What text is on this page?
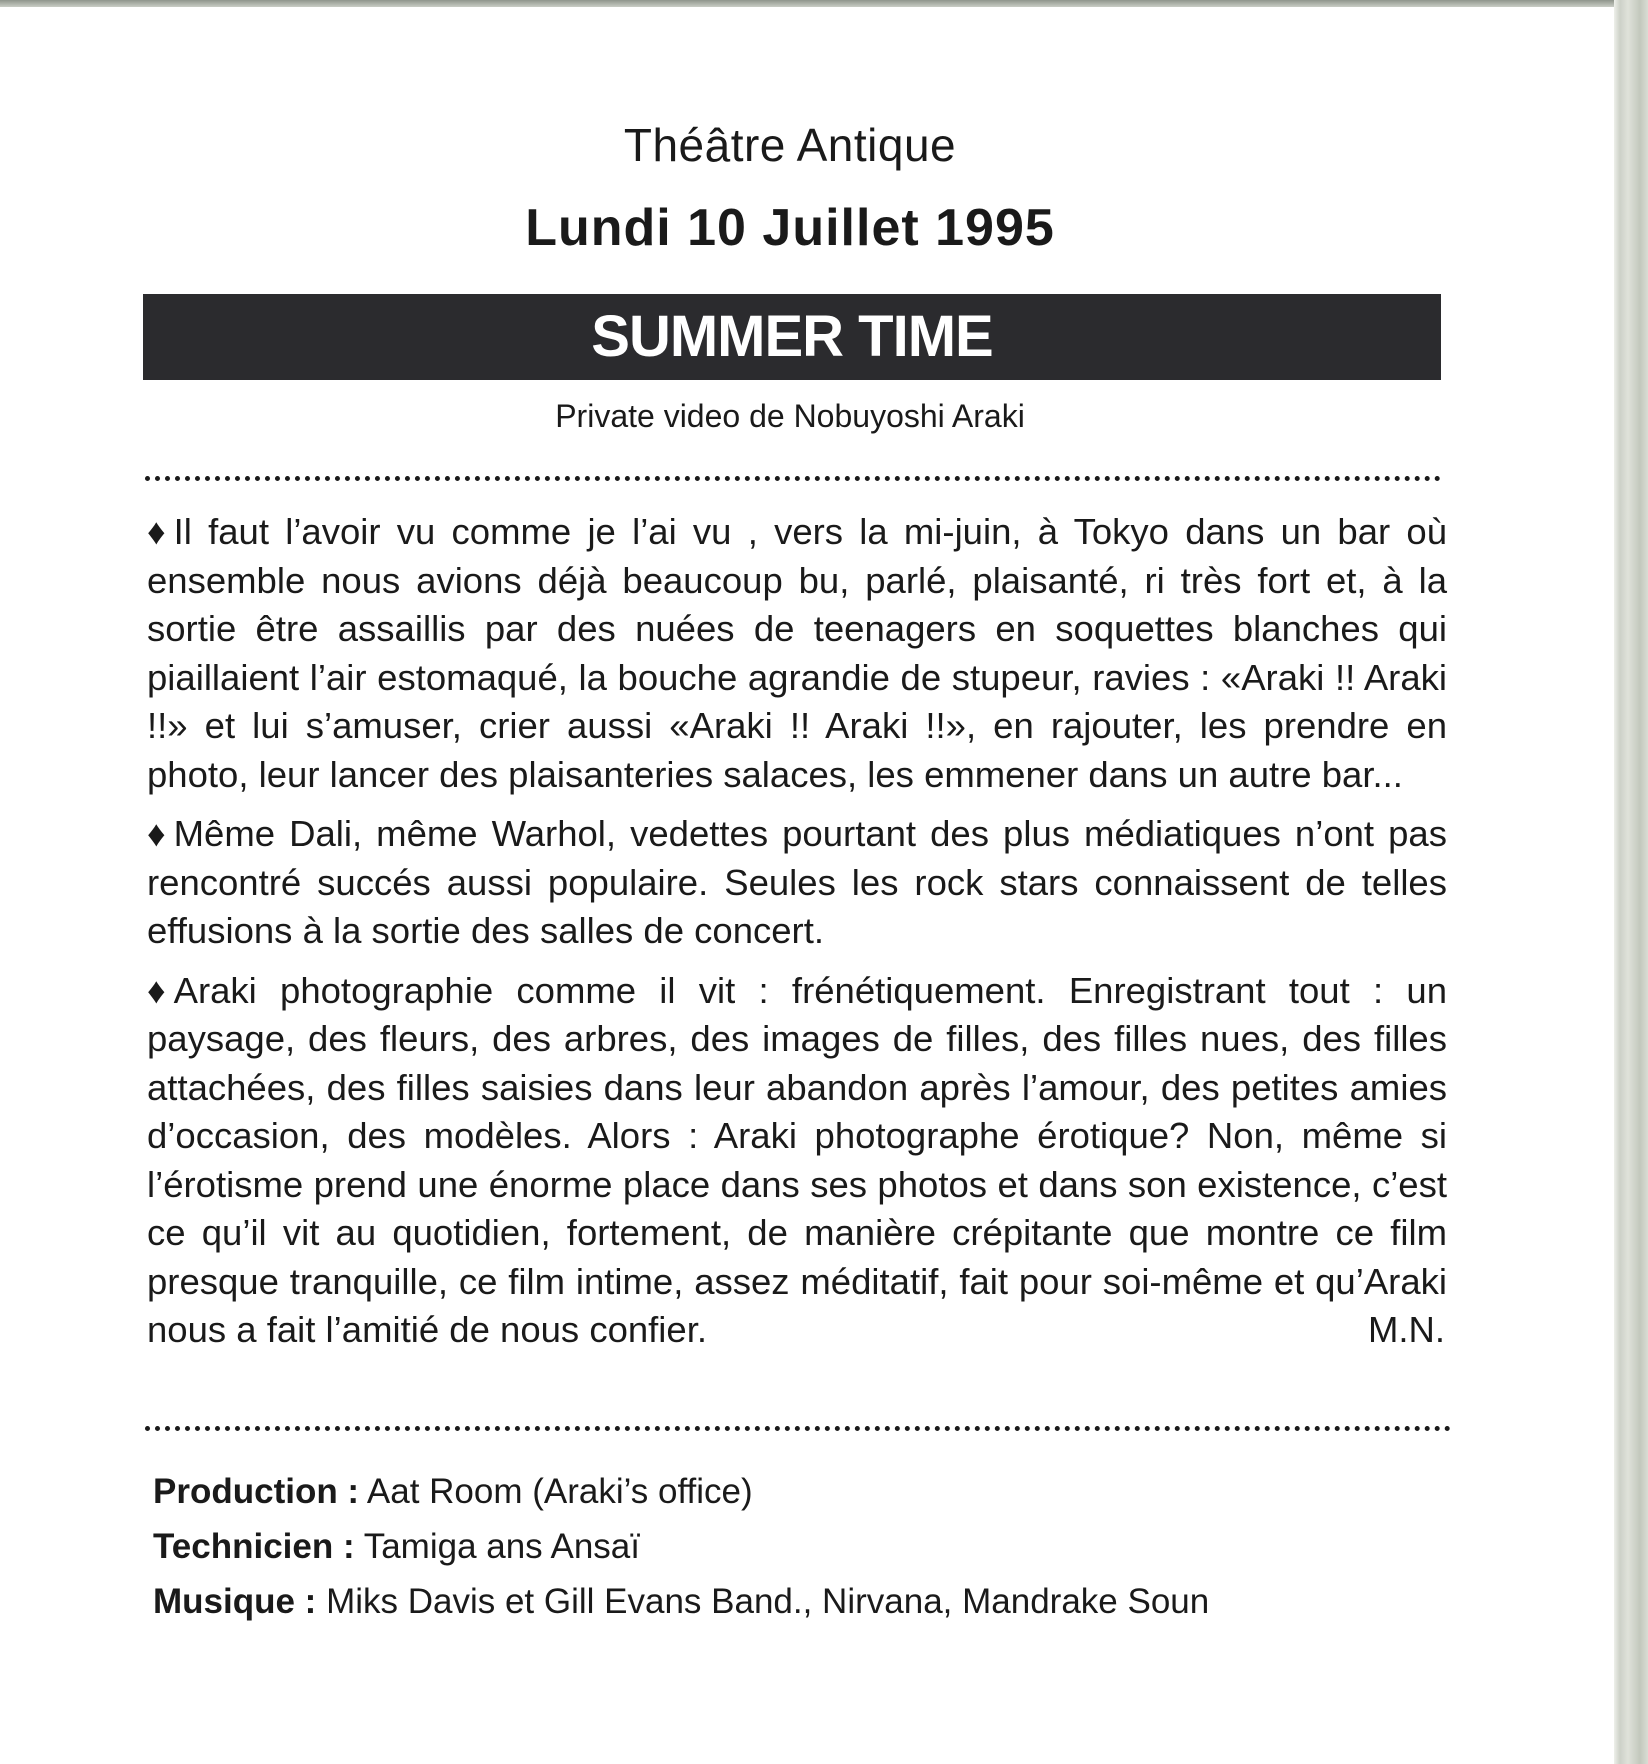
Théâtre Antique
Lundi 10 Juillet 1995
SUMMER TIME
Private video de Nobuyoshi Araki

♦ Il faut l’avoir vu comme je l’ai vu , vers la mi-juin, à Tokyo dans un bar où ensemble nous avions déjà beaucoup bu, parlé, plaisanté, ri très fort et, à la sortie être assaillis par des nuées de teenagers en soquettes blanches qui piaillaient l’air estomaqué, la bouche agrandie de stupeur, ravies : «Araki !! Araki !!» et lui s’amuser, crier aussi «Araki !! Araki !!», en rajouter, les prendre en photo, leur lancer des plaisanteries salaces, les emmener dans un autre bar...

♦ Même Dali, même Warhol, vedettes pourtant des plus médiatiques n’ont pas rencontré succés aussi populaire. Seules les rock stars connaissent de telles effusions à la sortie des salles de concert.

♦ Araki photographie comme il vit : frénétiquement. Enregistrant tout : un paysage, des fleurs, des arbres, des images de filles, des filles nues, des filles attachées, des filles saisies dans leur abandon après l’amour, des petites amies d’occasion, des modèles. Alors : Araki photographe érotique? Non, même si l’érotisme prend une énorme place dans ses photos et dans son existence, c’est ce qu’il vit au quotidien, fortement, de manière crépitante que montre ce film presque tranquille, ce film intime, assez méditatif, fait pour soi-même et qu’Araki nous a fait l’amitié de nous confier.	M.N.

Production : Aat Room (Araki’s office)
Technicien : Tamiga ans Ansaï
Musique : Miks Davis et Gill Evans Band., Nirvana, Mandrake Soun
